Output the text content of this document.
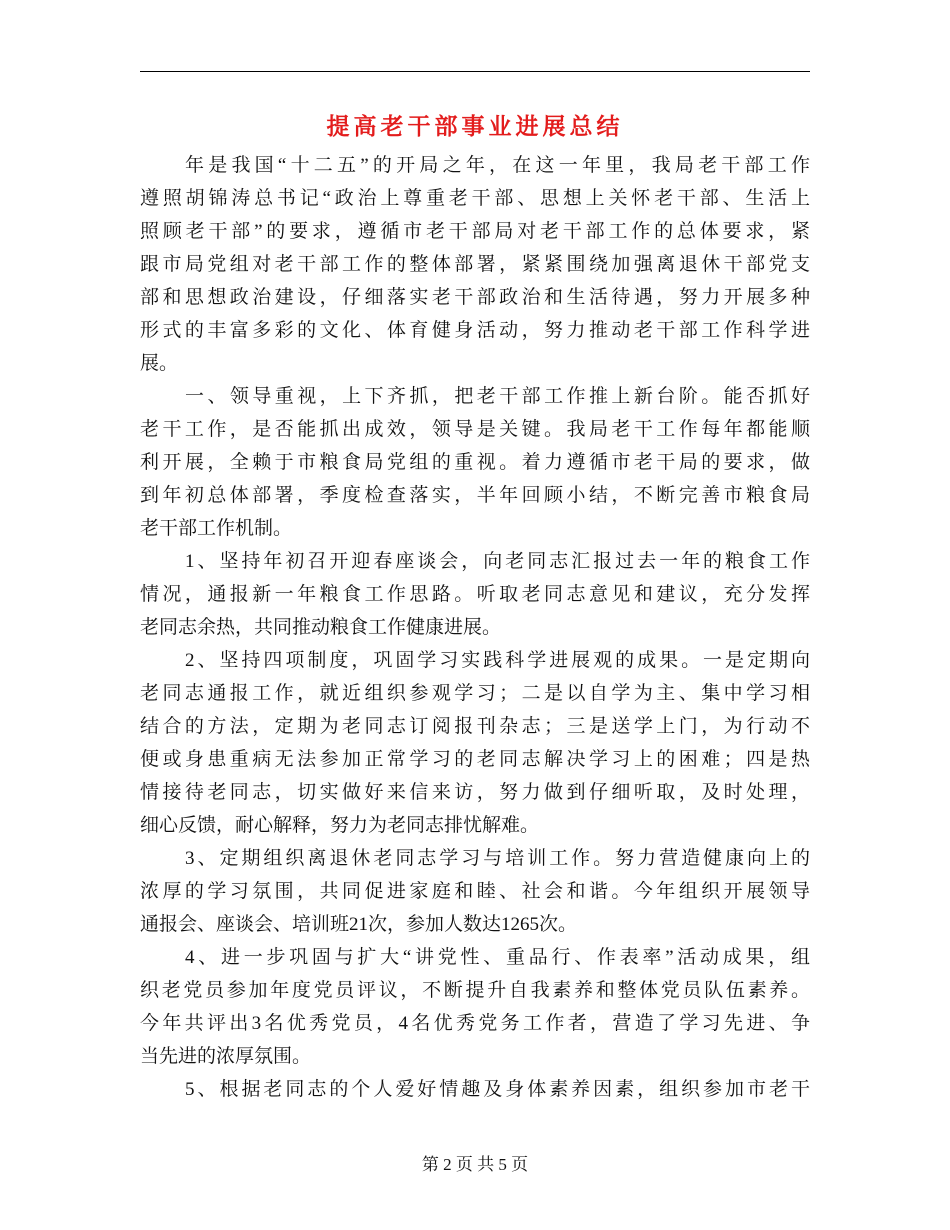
提高老干部事业进展总结
年是我国“十二五”的开局之年，在这一年里，我局老干部工作
遵照胡锦涛总书记“政治上尊重老干部、思想上关怀老干部、生活上
照顾老干部”的要求，遵循市老干部局对老干部工作的总体要求，紧
跟市局党组对老干部工作的整体部署，紧紧围绕加强离退休干部党支
部和思想政治建设，仔细落实老干部政治和生活待遇，努力开展多种
形式的丰富多彩的文化、体育健身活动，努力推动老干部工作科学进
展。
一、领导重视，上下齐抓，把老干部工作推上新台阶。能否抓好
老干工作，是否能抓出成效，领导是关键。我局老干工作每年都能顺
利开展，全赖于市粮食局党组的重视。着力遵循市老干局的要求，做
到年初总体部署，季度检查落实，半年回顾小结，不断完善市粮食局
老干部工作机制。
1、坚持年初召开迎春座谈会，向老同志汇报过去一年的粮食工作
情况，通报新一年粮食工作思路。听取老同志意见和建议，充分发挥
老同志余热，共同推动粮食工作健康进展。
2、坚持四项制度，巩固学习实践科学进展观的成果。一是定期向
老同志通报工作，就近组织参观学习；二是以自学为主、集中学习相
结合的方法，定期为老同志订阅报刊杂志；三是送学上门，为行动不
便或身患重病无法参加正常学习的老同志解决学习上的困难；四是热
情接待老同志，切实做好来信来访，努力做到仔细听取，及时处理，
细心反馈，耐心解释，努力为老同志排忧解难。
3、定期组织离退休老同志学习与培训工作。努力营造健康向上的
浓厚的学习氛围，共同促进家庭和睦、社会和谐。今年组织开展领导
通报会、座谈会、培训班21次，参加人数达1265次。
4、进一步巩固与扩大“讲党性、重品行、作表率”活动成果，组
织老党员参加年度党员评议，不断提升自我素养和整体党员队伍素养。
今年共评出3名优秀党员，4名优秀党务工作者，营造了学习先进、争
当先进的浓厚氛围。
5、根据老同志的个人爱好情趣及身体素养因素，组织参加市老干
第 2 页 共 5 页
